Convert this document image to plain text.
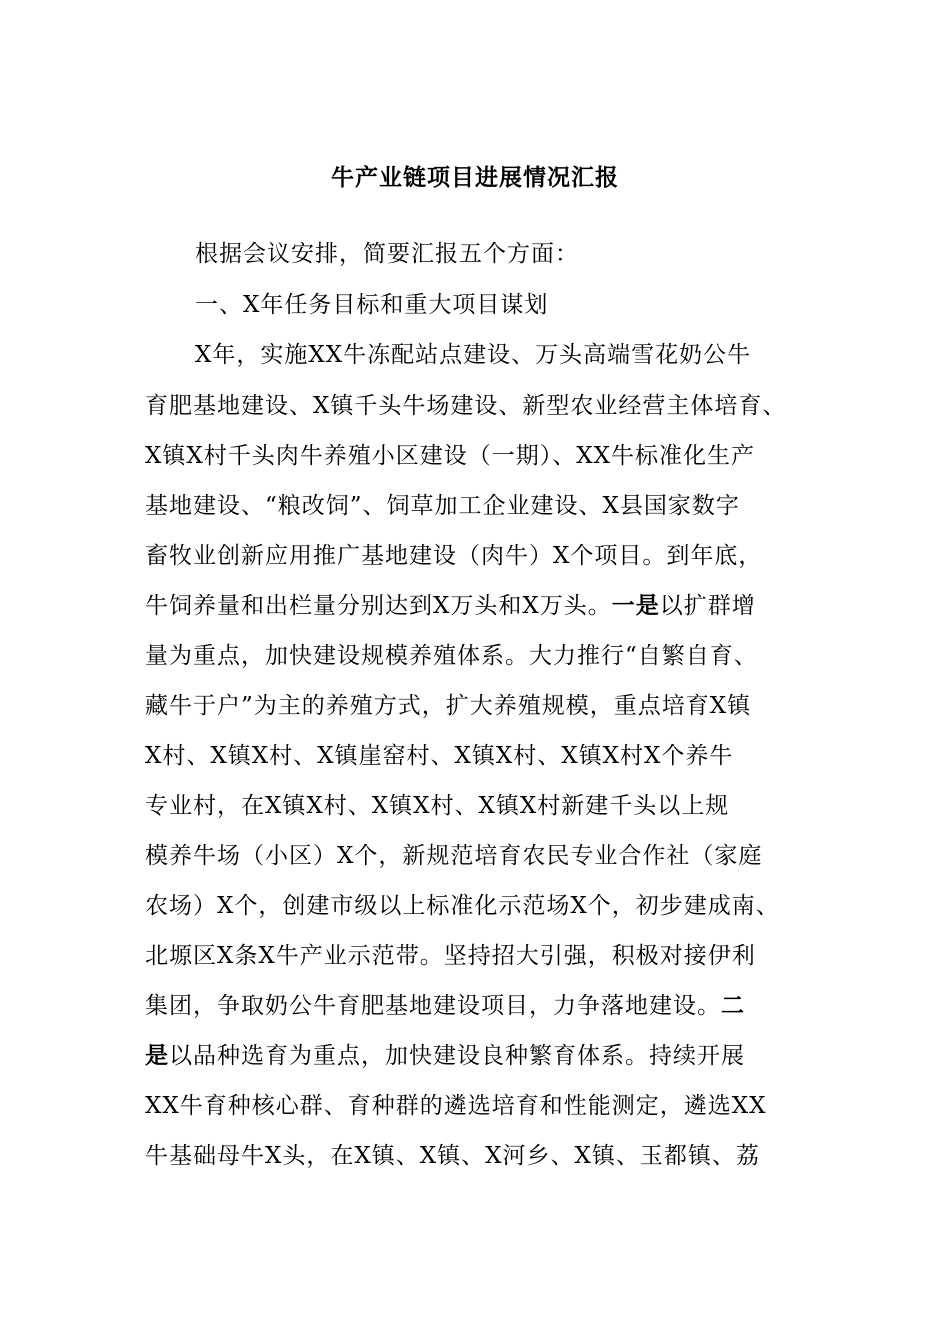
牛产业链项目进展情况汇报
根据会议安排，简要汇报五个方面：
一、X年任务目标和重大项目谋划
X年，实施XX牛冻配站点建设、万头高端雪花奶公牛
育肥基地建设、X镇千头牛场建设、新型农业经营主体培育、
X镇X村千头肉牛养殖小区建设（一期）、XX牛标准化生产
基地建设、“粮改饲”、饲草加工企业建设、X县国家数字
畜牧业创新应用推广基地建设（肉牛）X个项目。到年底，
牛饲养量和出栏量分别达到X万头和X万头。一是以扩群增
量为重点，加快建设规模养殖体系。大力推行“自繁自育、
藏牛于户”为主的养殖方式，扩大养殖规模，重点培育X镇
X村、X镇X村、X镇崖窑村、X镇X村、X镇X村X个养牛
专业村，在X镇X村、X镇X村、X镇X村新建千头以上规
模养牛场（小区）X个，新规范培育农民专业合作社（家庭
农场）X个，创建市级以上标准化示范场X个，初步建成南、
北塬区X条X牛产业示范带。坚持招大引强，积极对接伊利
集团，争取奶公牛育肥基地建设项目，力争落地建设。二
是以品种选育为重点，加快建设良种繁育体系。持续开展
XX牛育种核心群、育种群的遴选培育和性能测定，遴选XX
牛基础母牛X头，在X镇、X镇、X河乡、X镇、玉都镇、荔
